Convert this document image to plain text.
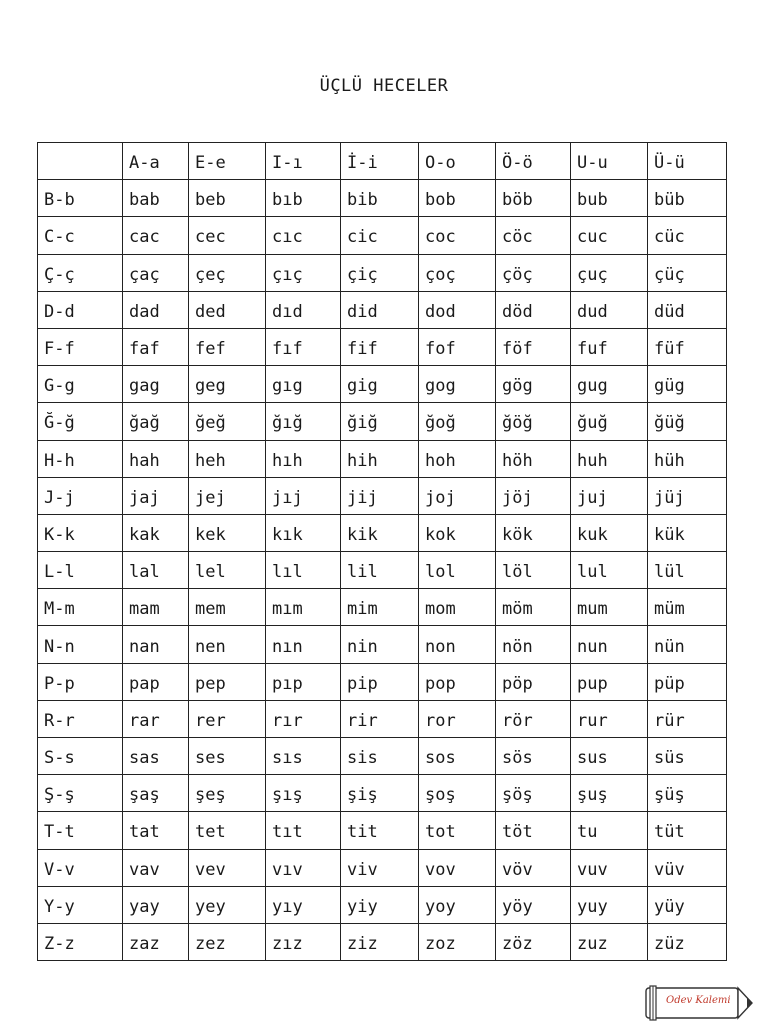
ÜÇLÜ HECELER
	A-a	E-e	I-ı	İ-i	O-o	Ö-ö	U-u	Ü-ü
B-b	bab	beb	bıb	bib	bob	böb	bub	büb
C-c	cac	cec	cıc	cic	coc	cöc	cuc	cüc
Ç-ç	çaç	çeç	çıç	çiç	çoç	çöç	çuç	çüç
D-d	dad	ded	dıd	did	dod	död	dud	düd
F-f	faf	fef	fıf	fif	fof	föf	fuf	füf
G-g	gag	geg	gıg	gig	gog	gög	gug	güg
Ğ-ğ	ğağ	ğeğ	ğığ	ğiğ	ğoğ	ğöğ	ğuğ	ğüğ
H-h	hah	heh	hıh	hih	hoh	höh	huh	hüh
J-j	jaj	jej	jıj	jij	joj	jöj	juj	jüj
K-k	kak	kek	kık	kik	kok	kök	kuk	kük
L-l	lal	lel	lıl	lil	lol	löl	lul	lül
M-m	mam	mem	mım	mim	mom	möm	mum	müm
N-n	nan	nen	nın	nin	non	nön	nun	nün
P-p	pap	pep	pıp	pip	pop	pöp	pup	püp
R-r	rar	rer	rır	rir	ror	rör	rur	rür
S-s	sas	ses	sıs	sis	sos	sös	sus	süs
Ş-ş	şaş	şeş	şış	şiş	şoş	şöş	şuş	şüş
T-t	tat	tet	tıt	tit	tot	töt	tu	tüt
V-v	vav	vev	vıv	viv	vov	vöv	vuv	vüv
Y-y	yay	yey	yıy	yiy	yoy	yöy	yuy	yüy
Z-z	zaz	zez	zız	ziz	zoz	zöz	zuz	züz
Odev Kalemi
